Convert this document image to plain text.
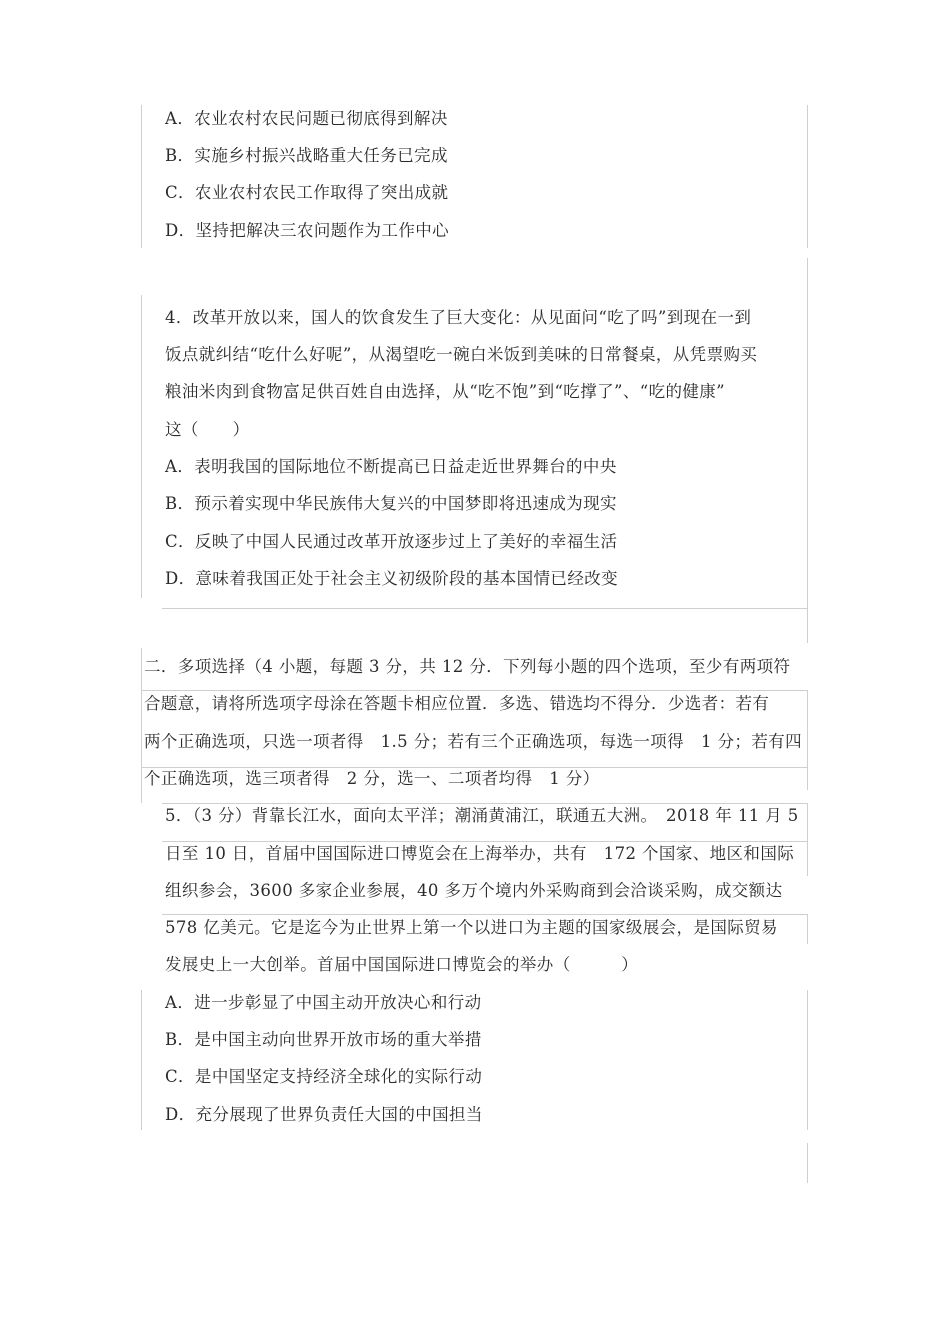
A．农业农村农民问题已彻底得到解决
B．实施乡村振兴战略重大任务已完成
C．农业农村农民工作取得了突出成就
D．坚持把解决三农问题作为工作中心
4．改革开放以来，国人的饮食发生了巨大变化：从见面问“吃了吗”到现在一到
饭点就纠结“吃什么好呢”，从渴望吃一碗白米饭到美味的日常餐桌，从凭票购买
粮油米肉到食物富足供百姓自由选择，从“吃不饱”到“吃撑了”、“吃的健康”
这（　　）
A．表明我国的国际地位不断提高已日益走近世界舞台的中央
B．预示着实现中华民族伟大复兴的中国梦即将迅速成为现实
C．反映了中国人民通过改革开放逐步过上了美好的幸福生活
D．意味着我国正处于社会主义初级阶段的基本国情已经改变
二．多项选择（4 小题，每题 3 分，共 12 分．下列每小题的四个选项，至少有两项符
合题意，请将所选项字母涂在答题卡相应位置．多选、错选均不得分．少选者：若有
两个正确选项，只选一项者得　1.5 分；若有三个正确选项，每选一项得　1 分；若有四
个正确选项，选三项者得　2 分，选一、二项者均得　1 分）
5．（3 分）背靠长江水，面向太平洋；潮涌黄浦江，联通五大洲。　2018 年 11 月 5
日至 10 日，首届中国国际进口博览会在上海举办，共有　172 个国家、地区和国际
组织参会，3600 多家企业参展，40 多万个境内外采购商到会洽谈采购，成交额达
578 亿美元。它是迄今为止世界上第一个以进口为主题的国家级展会，是国际贸易
发展史上一大创举。首届中国国际进口博览会的举办（　　　）
A．进一步彰显了中国主动开放决心和行动
B．是中国主动向世界开放市场的重大举措
C．是中国坚定支持经济全球化的实际行动
D．充分展现了世界负责任大国的中国担当
